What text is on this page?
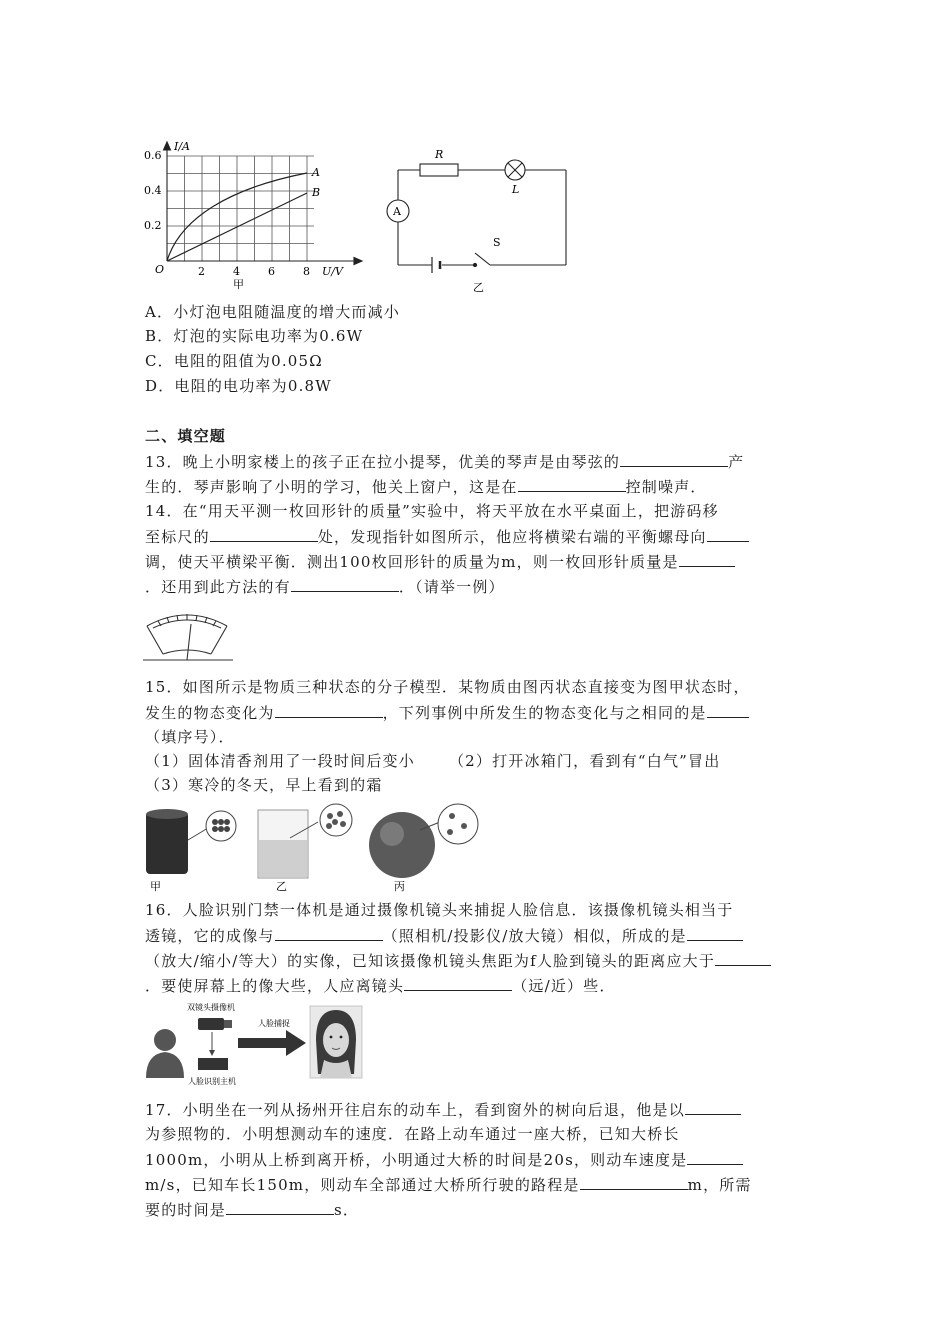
I/A
0.6
0.4
0.2
O	2	4	6	8 U/V
A
B
甲
R
L
A
S
乙
A．小灯泡电阻随温度的增大而减小
B．灯泡的实际电功率为0.6W
C．电阻的阻值为0.05Ω
D．电阻的电功率为0.8W
二、填空题
13．晚上小明家楼上的孩子正在拉小提琴，优美的琴声是由琴弦的	产
生的．琴声影响了小明的学习，他关上窗户，这是在	控制噪声．
14．在“用天平测一枚回形针的质量”实验中，将天平放在水平桌面上，把游码移
至标尺的	处，发现指针如图所示，他应将横梁右端的平衡螺母向
调，使天平横梁平衡．测出100枚回形针的质量为m，则一枚回形针质量是
．还用到此方法的有	．（请举一例）
15．如图所示是物质三种状态的分子模型．某物质由图丙状态直接变为图甲状态时，
发生的物态变化为	，下列事例中所发生的物态变化与之相同的是
（填序号）．
（1）固体清香剂用了一段时间后变小 （2）打开冰箱门，看到有“白气”冒出
（3）寒冷的冬天，早上看到的霜
甲	乙	丙
16．人脸识别门禁一体机是通过摄像机镜头来捕捉人脸信息．该摄像机镜头相当于
透镜，它的成像与	（照相机/投影仪/放大镜）相似，所成的是
（放大/缩小/等大）的实像，已知该摄像机镜头焦距为f人脸到镜头的距离应大于
．要使屏幕上的像大些，人应离镜头	（远/近）些．
双镜头摄像机
人脸识别主机
人脸捕捉
17．小明坐在一列从扬州开往启东的动车上，看到窗外的树向后退，他是以
为参照物的．小明想测动车的速度．在路上动车通过一座大桥，已知大桥长
1000m，小明从上桥到离开桥，小明通过大桥的时间是20s，则动车速度是
m/s，已知车长150m，则动车全部通过大桥所行驶的路程是	m，所需
要的时间是	s．
